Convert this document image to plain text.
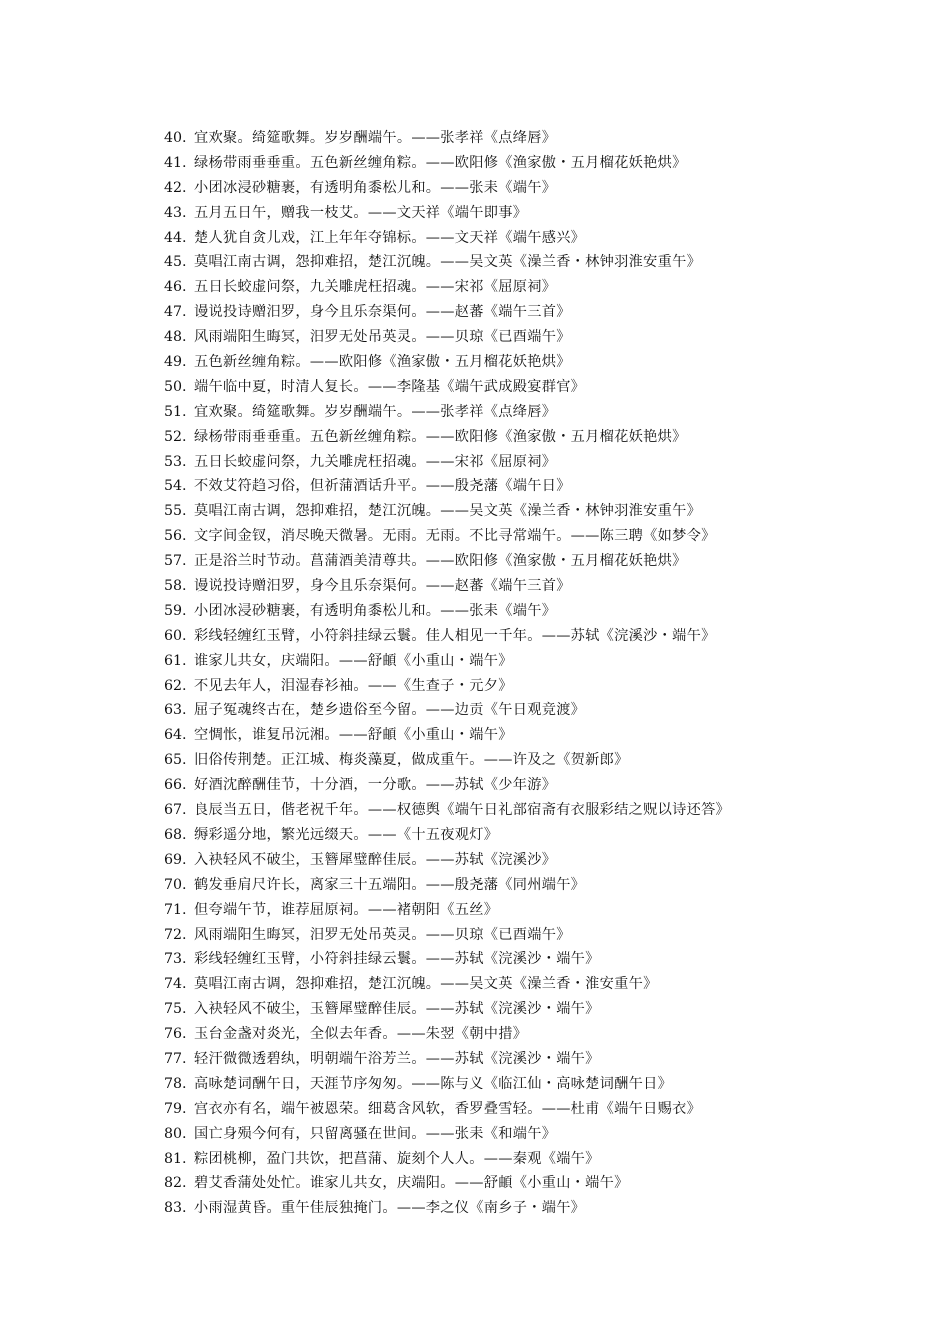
40. 宜欢聚。绮筵歌舞。岁岁酬端午。——张孝祥《点绛唇》
41. 绿杨带雨垂垂重。五色新丝缠角粽。——欧阳修《渔家傲・五月榴花妖艳烘》
42. 小团冰浸砂糖裹，有透明角黍松儿和。——张耒《端午》
43. 五月五日午，赠我一枝艾。——文天祥《端午即事》
44. 楚人犹自贪儿戏，江上年年夺锦标。——文天祥《端午感兴》
45. 莫唱江南古调，怨抑难招，楚江沉魄。——吴文英《澡兰香・林钟羽淮安重午》
46. 五日长蛟虚问祭，九关雕虎枉招魂。——宋祁《屈原祠》
47. 谩说投诗赠汨罗，身今且乐奈渠何。——赵蕃《端午三首》
48. 风雨端阳生晦冥，汨罗无处吊英灵。——贝琼《已酉端午》
49. 五色新丝缠角粽。——欧阳修《渔家傲・五月榴花妖艳烘》
50. 端午临中夏，时清人复长。——李隆基《端午武成殿宴群官》
51. 宜欢聚。绮筵歌舞。岁岁酬端午。——张孝祥《点绛唇》
52. 绿杨带雨垂垂重。五色新丝缠角粽。——欧阳修《渔家傲・五月榴花妖艳烘》
53. 五日长蛟虚问祭，九关雕虎枉招魂。——宋祁《屈原祠》
54. 不效艾符趋习俗，但祈蒲酒话升平。——殷尧藩《端午日》
55. 莫唱江南古调，怨抑难招，楚江沉魄。——吴文英《澡兰香・林钟羽淮安重午》
56. 文字间金钗，消尽晚天微暑。无雨。无雨。不比寻常端午。——陈三聘《如梦令》
57. 正是浴兰时节动。菖蒲酒美清尊共。——欧阳修《渔家傲・五月榴花妖艳烘》
58. 谩说投诗赠汨罗，身今且乐奈渠何。——赵蕃《端午三首》
59. 小团冰浸砂糖裹，有透明角黍松儿和。——张耒《端午》
60. 彩线轻缠红玉臂，小符斜挂绿云鬟。佳人相见一千年。——苏轼《浣溪沙・端午》
61. 谁家儿共女，庆端阳。——舒頔《小重山・端午》
62. 不见去年人，泪湿春衫袖。——《生查子・元夕》
63. 屈子冤魂终古在，楚乡遗俗至今留。——边贡《午日观竞渡》
64. 空惆怅，谁复吊沅湘。——舒頔《小重山・端午》
65. 旧俗传荆楚。正江城、梅炎藻夏，做成重午。——许及之《贺新郎》
66. 好酒沈醉酬佳节，十分酒，一分歌。——苏轼《少年游》
67. 良辰当五日，偕老祝千年。——权德舆《端午日礼部宿斋有衣服彩结之贶以诗还答》
68. 缛彩遥分地，繁光远缀天。——《十五夜观灯》
69. 入袂轻风不破尘，玉簪犀璧醉佳辰。——苏轼《浣溪沙》
70. 鹤发垂肩尺许长，离家三十五端阳。——殷尧藩《同州端午》
71. 但夸端午节，谁荐屈原祠。——褚朝阳《五丝》
72. 风雨端阳生晦冥，汨罗无处吊英灵。——贝琼《已酉端午》
73. 彩线轻缠红玉臂，小符斜挂绿云鬟。——苏轼《浣溪沙・端午》
74. 莫唱江南古调，怨抑难招，楚江沉魄。——吴文英《澡兰香・淮安重午》
75. 入袂轻风不破尘，玉簪犀璧醉佳辰。——苏轼《浣溪沙・端午》
76. 玉台金盏对炎光，全似去年香。——朱翌《朝中措》
77. 轻汗微微透碧纨，明朝端午浴芳兰。——苏轼《浣溪沙・端午》
78. 高咏楚词酬午日，天涯节序匆匆。——陈与义《临江仙・高咏楚词酬午日》
79. 宫衣亦有名，端午被恩荣。细葛含风软，香罗叠雪轻。——杜甫《端午日赐衣》
80. 国亡身殒今何有，只留离骚在世间。——张耒《和端午》
81. 粽团桃柳，盈门共饮，把菖蒲、旋刻个人人。——秦观《端午》
82. 碧艾香蒲处处忙。谁家儿共女，庆端阳。——舒頔《小重山・端午》
83. 小雨湿黄昏。重午佳辰独掩门。——李之仪《南乡子・端午》
